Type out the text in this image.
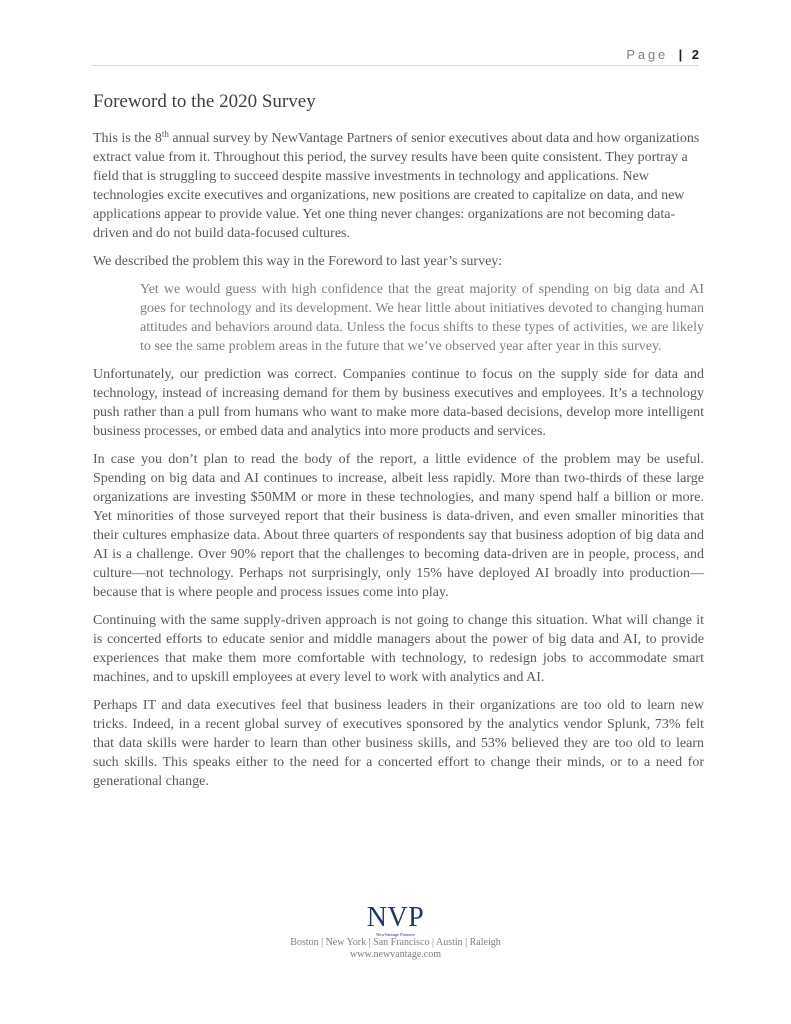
Page | 2
Foreword to the 2020 Survey

This is the 8th annual survey by NewVantage Partners of senior executives about data and how organizations extract value from it. Throughout this period, the survey results have been quite consistent. They portray a field that is struggling to succeed despite massive investments in technology and applications. New technologies excite executives and organizations, new positions are created to capitalize on data, and new applications appear to provide value. Yet one thing never changes: organizations are not becoming data-driven and do not build data-focused cultures.

We described the problem this way in the Foreword to last year’s survey:

Yet we would guess with high confidence that the great majority of spending on big data and AI goes for technology and its development. We hear little about initiatives devoted to changing human attitudes and behaviors around data. Unless the focus shifts to these types of activities, we are likely to see the same problem areas in the future that we’ve observed year after year in this survey.

Unfortunately, our prediction was correct. Companies continue to focus on the supply side for data and technology, instead of increasing demand for them by business executives and employees. It’s a technology push rather than a pull from humans who want to make more data-based decisions, develop more intelligent business processes, or embed data and analytics into more products and services.

In case you don’t plan to read the body of the report, a little evidence of the problem may be useful. Spending on big data and AI continues to increase, albeit less rapidly. More than two-thirds of these large organizations are investing $50MM or more in these technologies, and many spend half a billion or more. Yet minorities of those surveyed report that their business is data-driven, and even smaller minorities that their cultures emphasize data. About three quarters of respondents say that business adoption of big data and AI is a challenge. Over 90% report that the challenges to becoming data-driven are in people, process, and culture—not technology. Perhaps not surprisingly, only 15% have deployed AI broadly into production—because that is where people and process issues come into play.

Continuing with the same supply-driven approach is not going to change this situation. What will change it is concerted efforts to educate senior and middle managers about the power of big data and AI, to provide experiences that make them more comfortable with technology, to redesign jobs to accommodate smart machines, and to upskill employees at every level to work with analytics and AI.

Perhaps IT and data executives feel that business leaders in their organizations are too old to learn new tricks. Indeed, in a recent global survey of executives sponsored by the analytics vendor Splunk, 73% felt that data skills were harder to learn than other business skills, and 53% believed they are too old to learn such skills. This speaks either to the need for a concerted effort to change their minds, or to a need for generational change.

NVP
NewVantage Partners
Boston | New York | San Francisco | Austin | Raleigh
www.newvantage.com
